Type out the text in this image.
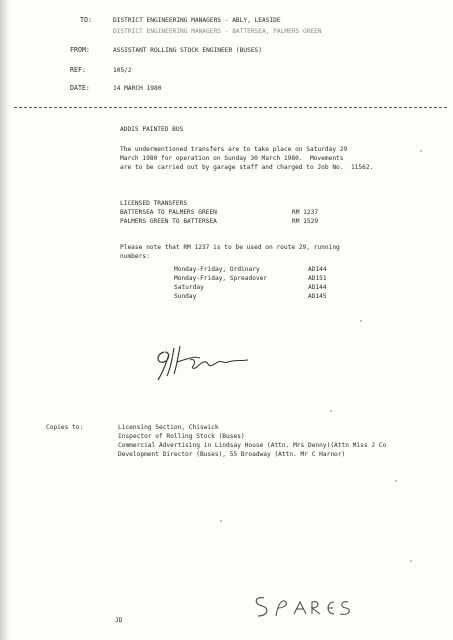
TO:	DISTRICT ENGINEERING MANAGERS - ABLY, LEASIDE
DISTRICT ENGINEERING MANAGERS - BATTERSEA, PALMERS GREEN
FROM:	ASSISTANT ROLLING STOCK ENGINEER (BUSES)
REF:	105/2
DATE:	14 MARCH 1980
ADDIS PAINTED BUS
The undermentioned transfers are to take place on Saturday 29
March 1980 for operation on Sunday 30 March 1980.  Movements
are to be carried out by garage staff and charged to Job No.  11562.
LICENSED TRANSFERS
BATTERSEA TO PALMERS GREEN	RM 1237
PALMERS GREEN TO BATTERSEA	RM 1529
Please note that RM 1237 is to be used on route 29, running
numbers:
Monday-Friday, Ordinary	AD144
Monday-Friday, Spreadover	AD151
Saturday	AD144
Sunday	AD145
Copies to:	Licensing Section, Chiswick
Inspector of Rolling Stock (Buses)
Commercial Advertising in Lindsay House (Attn. Mrs Denny)(Attn Miss J Co
Development Director (Buses), 55 Broadway (Attn. Mr C Harnor)
JD
